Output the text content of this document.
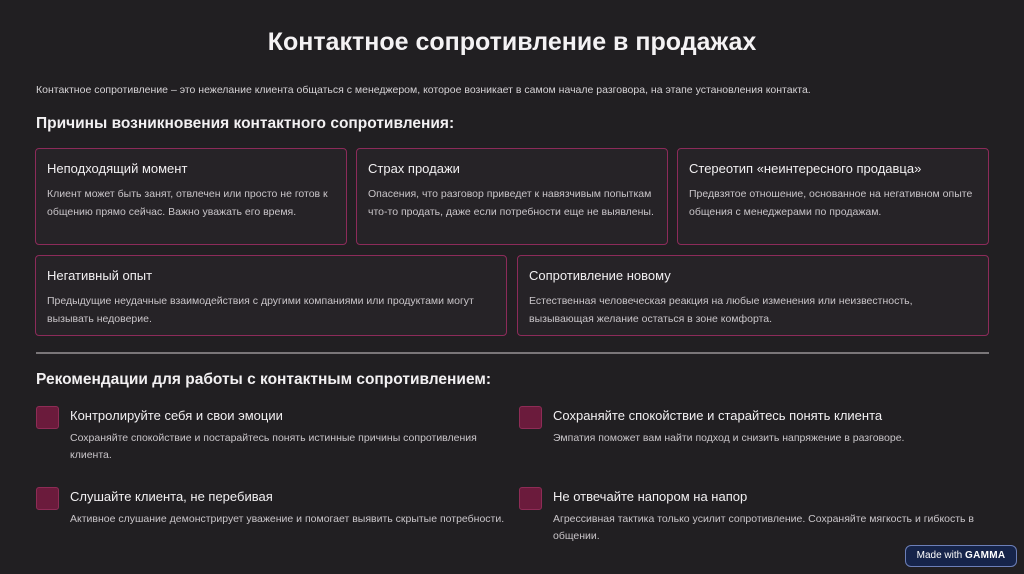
Контактное сопротивление в продажах

Контактное сопротивление – это нежелание клиента общаться с менеджером, которое возникает в самом начале разговора, на этапе установления контакта.

Причины возникновения контактного сопротивления:
Неподходящий момент
Клиент может быть занят, отвлечен или просто не готов к общению прямо сейчас. Важно уважать его время.
Страх продажи
Опасения, что разговор приведет к навязчивым попыткам что-то продать, даже если потребности еще не выявлены.
Стереотип «неинтересного продавца»
Предвзятое отношение, основанное на негативном опыте общения с менеджерами по продажам.
Негативный опыт
Предыдущие неудачные взаимодействия с другими компаниями или продуктами могут вызывать недоверие.
Сопротивление новому
Естественная человеческая реакция на любые изменения или неизвестность, вызывающая желание остаться в зоне комфорта.
Рекомендации для работы с контактным сопротивлением:
Контролируйте себя и свои эмоции
Сохраняйте спокойствие и постарайтесь понять истинные причины сопротивления клиента.
Сохраняйте спокойствие и старайтесь понять клиента
Эмпатия поможет вам найти подход и снизить напряжение в разговоре.
Слушайте клиента, не перебивая
Активное слушание демонстрирует уважение и помогает выявить скрытые потребности.
Не отвечайте напором на напор
Агрессивная тактика только усилит сопротивление. Сохраняйте мягкость и гибкость в общении.
Made with GAMMA
